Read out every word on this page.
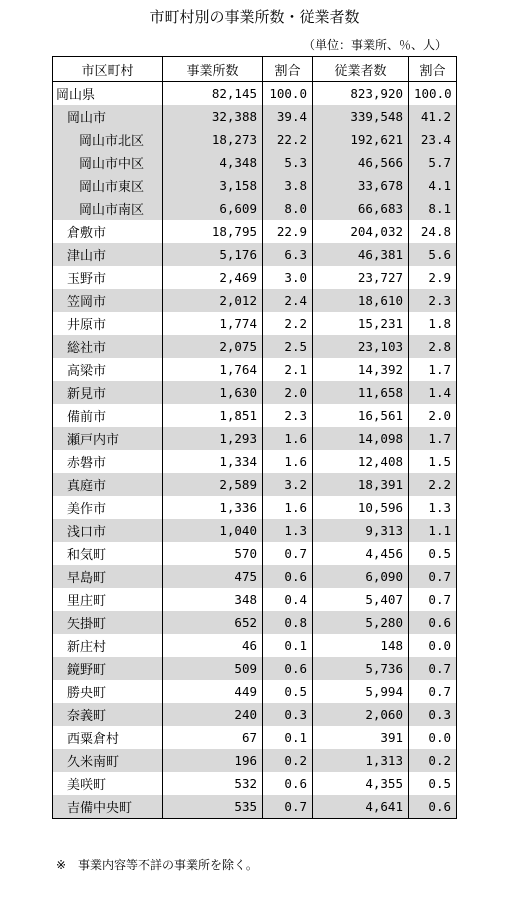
市町村別の事業所数・従業者数
（単位：事業所、％、人）
市区町村	事業所数	割合	従業者数	割合
岡山県	82,145	100.0	823,920	100.0
岡山市	32,388	39.4	339,548	41.2
岡山市北区	18,273	22.2	192,621	23.4
岡山市中区	4,348	5.3	46,566	5.7
岡山市東区	3,158	3.8	33,678	4.1
岡山市南区	6,609	8.0	66,683	8.1
倉敷市	18,795	22.9	204,032	24.8
津山市	5,176	6.3	46,381	5.6
玉野市	2,469	3.0	23,727	2.9
笠岡市	2,012	2.4	18,610	2.3
井原市	1,774	2.2	15,231	1.8
総社市	2,075	2.5	23,103	2.8
高梁市	1,764	2.1	14,392	1.7
新見市	1,630	2.0	11,658	1.4
備前市	1,851	2.3	16,561	2.0
瀬戸内市	1,293	1.6	14,098	1.7
赤磐市	1,334	1.6	12,408	1.5
真庭市	2,589	3.2	18,391	2.2
美作市	1,336	1.6	10,596	1.3
浅口市	1,040	1.3	9,313	1.1
和気町	570	0.7	4,456	0.5
早島町	475	0.6	6,090	0.7
里庄町	348	0.4	5,407	0.7
矢掛町	652	0.8	5,280	0.6
新庄村	46	0.1	148	0.0
鏡野町	509	0.6	5,736	0.7
勝央町	449	0.5	5,994	0.7
奈義町	240	0.3	2,060	0.3
西粟倉村	67	0.1	391	0.0
久米南町	196	0.2	1,313	0.2
美咲町	532	0.6	4,355	0.5
吉備中央町	535	0.7	4,641	0.6
※　事業内容等不詳の事業所を除く。
